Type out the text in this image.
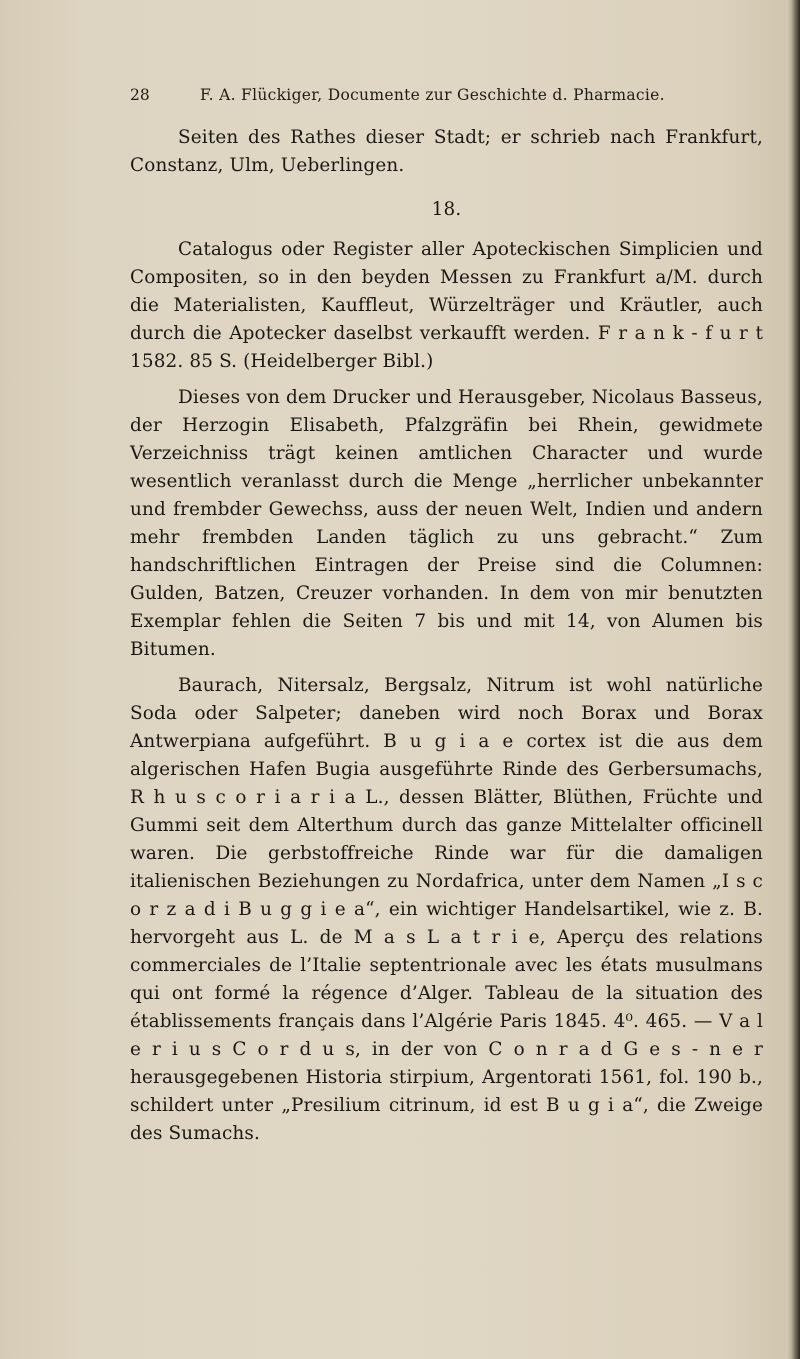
28	F. A. Flückiger, Documente zur Geschichte d. Pharmacie.

Seiten des Rathes dieser Stadt; er schrieb nach Frankfurt, Constanz, Ulm, Ueberlingen.

18.

Catalogus oder Register aller Apoteckischen Simplicien und Compositen, so in den beyden Messen zu Frankfurt a/M. durch die Materialisten, Kauffleut, Würzelträger und Kräutler, auch durch die Apotecker daselbst verkaufft werden. F r a n k - f u r t 1582. 85 S. (Heidelberger Bibl.)

Dieses von dem Drucker und Herausgeber, Nicolaus Basseus, der Herzogin Elisabeth, Pfalzgräfin bei Rhein, gewidmete Verzeichniss trägt keinen amtlichen Character und wurde wesentlich veranlasst durch die Menge „herrlicher unbekannter und frembder Gewechss, auss der neuen Welt, Indien und andern mehr frembden Landen täglich zu uns gebracht.“ Zum handschriftlichen Eintragen der Preise sind die Columnen: Gulden, Batzen, Creuzer vorhanden. In dem von mir benutzten Exemplar fehlen die Seiten 7 bis und mit 14, von Alumen bis Bitumen.

Baurach, Nitersalz, Bergsalz, Nitrum ist wohl natürliche Soda oder Salpeter; daneben wird noch Borax und Borax Antwerpiana aufgeführt. B u g i a e cortex ist die aus dem algerischen Hafen Bugia ausgeführte Rinde des Gerbersumachs, R h u s c o r i a r i a L., dessen Blätter, Blüthen, Früchte und Gummi seit dem Alterthum durch das ganze Mittelalter officinell waren. Die gerbstoffreiche Rinde war für die damaligen italienischen Beziehungen zu Nordafrica, unter dem Namen „I s c o r z a d i B u g g i e a“, ein wichtiger Handelsartikel, wie z. B. hervorgeht aus L. de M a s L a t r i e, Aperçu des relations commerciales de l’Italie septentrionale avec les états musulmans qui ont formé la régence d’Alger. Tableau de la situation des établissements français dans l’Algérie Paris 1845. 4⁰. 465. — V a l e r i u s C o r d u s, in der von C o n r a d G e s - n e r herausgegebenen Historia stirpium, Argentorati 1561, fol. 190 b., schildert unter „Presilium citrinum, id est B u g i a“, die Zweige des Sumachs.
